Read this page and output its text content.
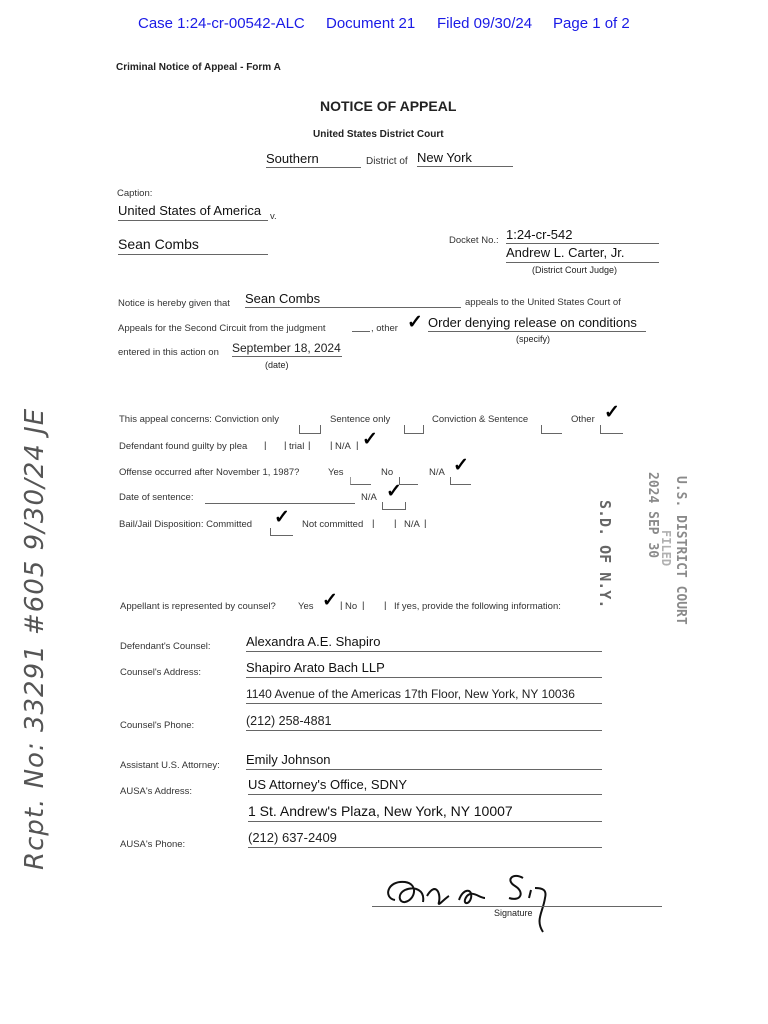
Case 1:24-cr-00542-ALC Document 21 Filed 09/30/24 Page 1 of 2
Criminal Notice of Appeal - Form A
NOTICE OF APPEAL
United States District Court
Southern	District of New York
Caption:
United States of America v.
Sean Combs	Docket No.: 1:24-cr-542
Andrew L. Carter, Jr.
(District Court Judge)
Notice is hereby given that Sean Combs	appeals to the United States Court of
Appeals for the Second Circuit from the judgment	, other ✓ Order denying release on conditions
(specify)
entered in this action on September 18, 2024
(date)
This appeal concerns: Conviction only	Sentence only	Conviction & Sentence	Other ✓
Defendant found guilty by plea | | trial | | N/A | ✓
Offense occurred after November 1, 1987?	Yes	No	N/A ✓
Date of sentence:	N/A ✓
Bail/Jail Disposition: Committed ✓ Not committed | | N/A |
Appellant is represented by counsel? Yes ✓ | No | | If yes, provide the following information:
Defendant's Counsel:	Alexandra A.E. Shapiro
Counsel's Address:	Shapiro Arato Bach LLP
1140 Avenue of the Americas 17th Floor, New York, NY 10036
Counsel's Phone:	(212) 258-4881
Assistant U.S. Attorney: Emily Johnson
AUSA's Address:	US Attorney's Office, SDNY
1 St. Andrew's Plaza, New York, NY 10007
AUSA's Phone:	(212) 637-2409
Signature
U.S. DISTRICT COURT
FILED
2024 SEP 30
S.D. OF N.Y.
Rcpt. No: 33291 #605 9/30/24 JE
